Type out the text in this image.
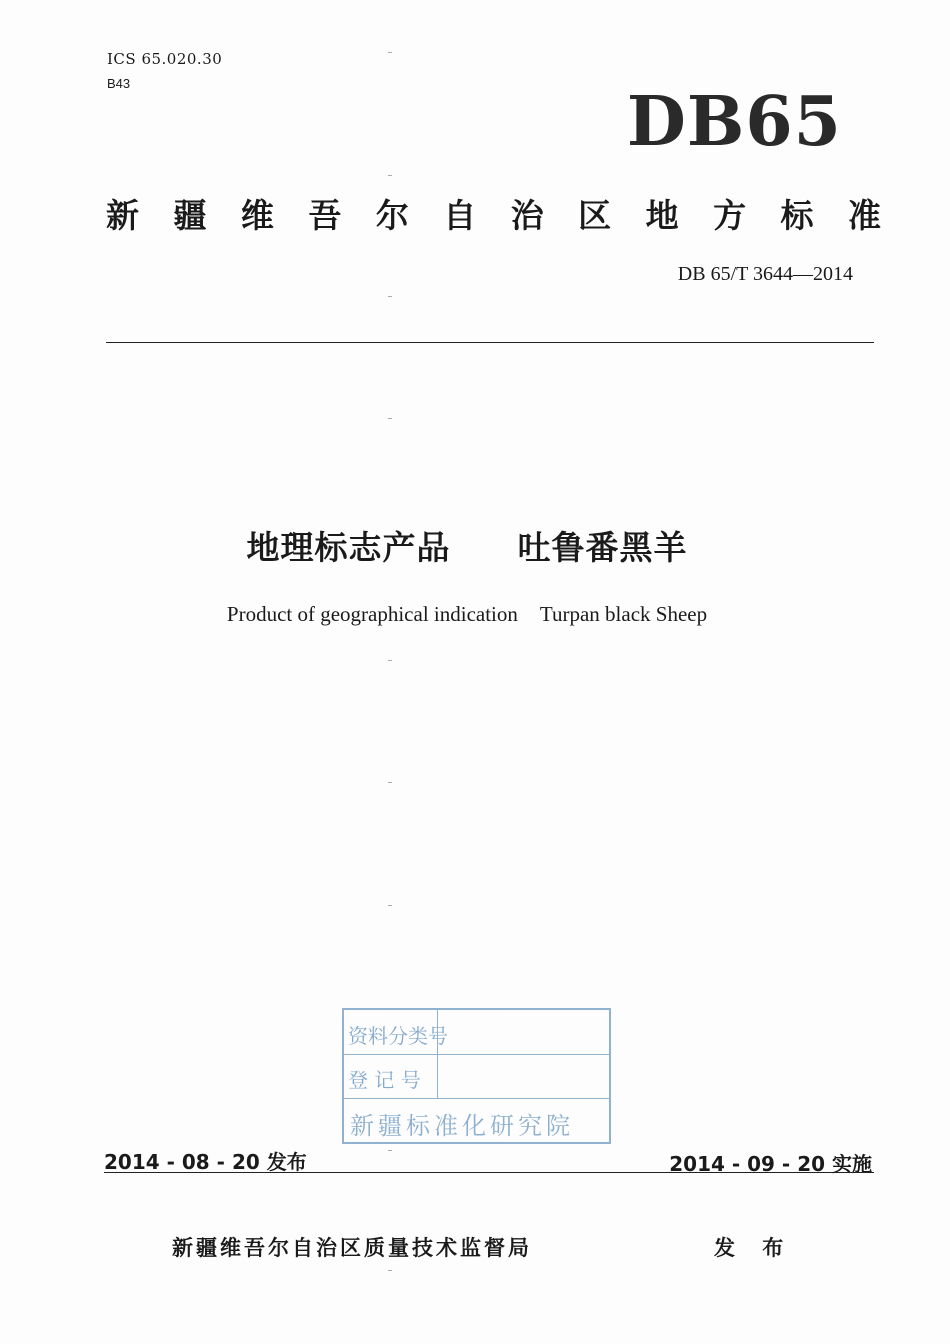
ICS 65.020.30
B43	DB65
新 疆 维 吾 尔 自 治 区 地 方 标 准
DB 65/T 3644—2014
地理标志产品 吐鲁番黑羊
Product of geographical indication Turpan black Sheep
资料分类号
登 记 号
新疆标准化研究院
2014 - 08 - 20 发布	2014 - 09 - 20 实施
新疆维吾尔自治区质量技术监督局	发 布
